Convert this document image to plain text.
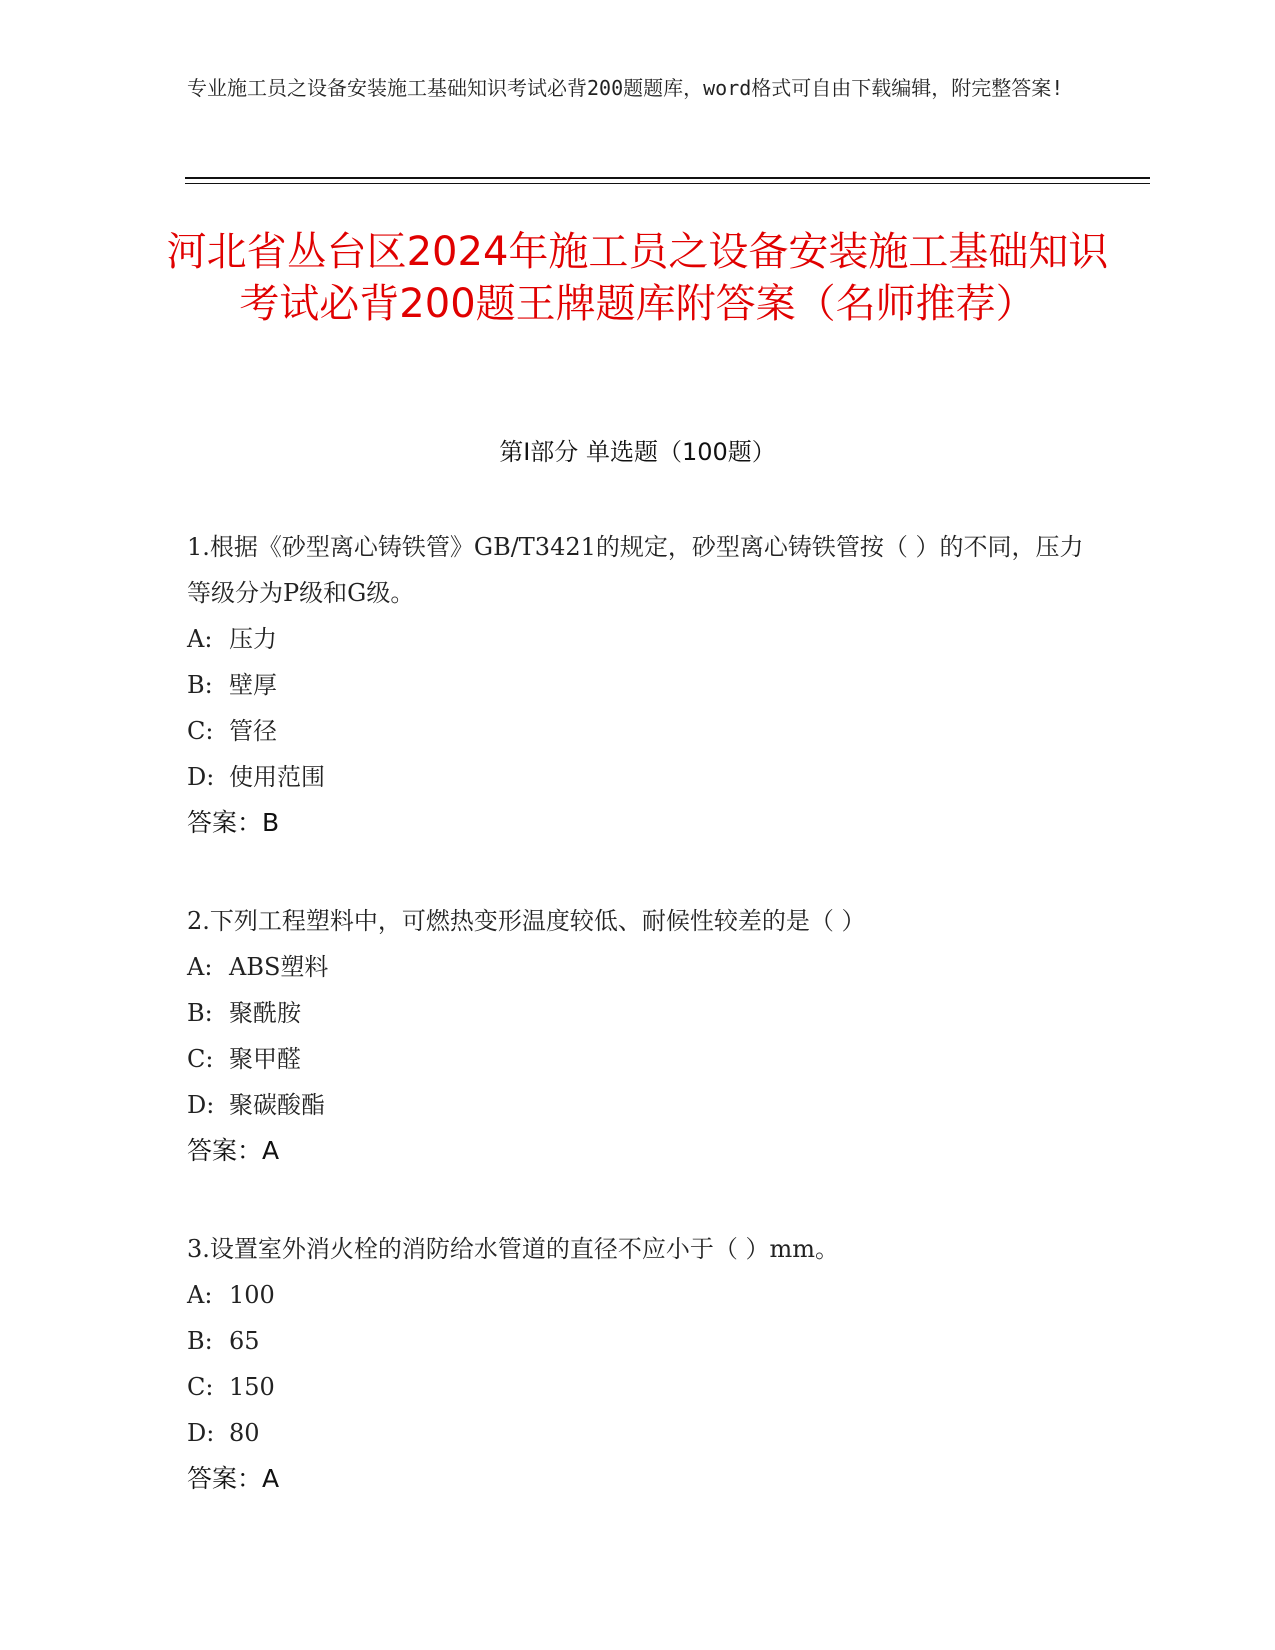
专业施工员之设备安装施工基础知识考试必背200题题库，word格式可自由下载编辑，附完整答案!
河北省丛台区2024年施工员之设备安装施工基础知识考试必背200题王牌题库附答案（名师推荐）
第I部分 单选题（100题）
1.根据《砂型离心铸铁管》GB/T3421的规定，砂型离心铸铁管按（ ）的不同，压力等级分为P级和G级。
A: 压力
B: 壁厚
C: 管径
D: 使用范围
答案：B
2.下列工程塑料中，可燃热变形温度较低、耐候性较差的是（ ）
A: ABS塑料
B: 聚酰胺
C: 聚甲醛
D: 聚碳酸酯
答案：A
3.设置室外消火栓的消防给水管道的直径不应小于（ ）mm。
A: 100
B: 65
C: 150
D: 80
答案：A
